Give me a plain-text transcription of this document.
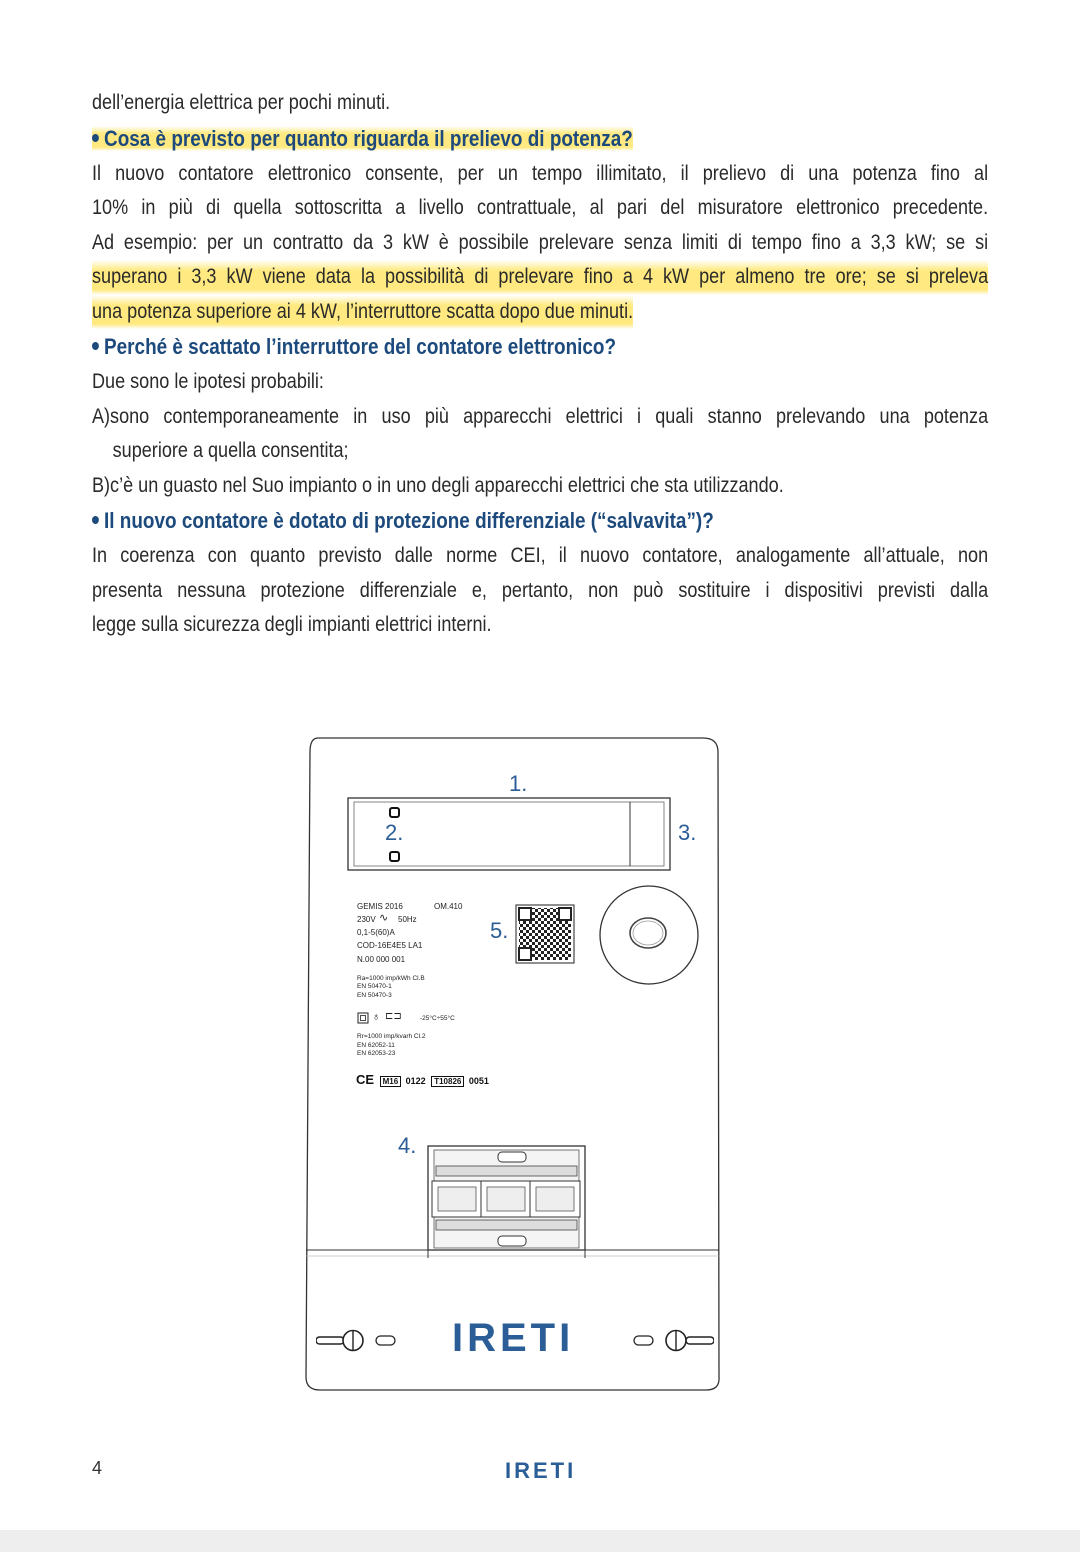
dell’energia elettrica per pochi minuti.

Cosa è previsto per quanto riguarda il prelievo di potenza?

Il nuovo contatore elettronico consente, per un tempo illimitato, il prelievo di una potenza fino al
10% in più di quella sottoscritta a livello contrattuale, al pari del misuratore elettronico precedente.
Ad esempio: per un contratto da 3 kW è possibile prelevare senza limiti di tempo fino a 3,3 kW; se si
superano i 3,3 kW viene data la possibilità di prelevare fino a 4 kW per almeno tre ore; se si preleva
una potenza superiore ai 4 kW, l’interruttore scatta dopo due minuti.

Perché è scattato l’interruttore del contatore elettronico?

Due sono le ipotesi probabili:
A)sono contemporaneamente in uso più apparecchi elettrici i quali stanno prelevando una potenza
superiore a quella consentita;
B)c’è un guasto nel Suo impianto o in uno degli apparecchi elettrici che sta utilizzando.

Il nuovo contatore è dotato di protezione differenziale (“salvavita”)?

In coerenza con quanto previsto dalle norme CEI, il nuovo contatore, analogamente all’attuale, non
presenta nessuna protezione differenziale e, pertanto, non può sostituire i dispositivi previsti dalla
legge sulla sicurezza degli impianti elettrici interni.

1.
2.	3.
4.
5.
GEMIS 2016	OM.410
230V ∿ 50Hz
0,1-5(60)A
COD-16E4E5 LA1
N.00 000 001
Ra=1000 imp/kWh Cl.B
EN 50470-1
EN 50470-3
♁ ⊏⊐	-25°C÷55°C
Rr=1000 imp/kvarh Cl.2
EN 62052-11
EN 62053-23
CE M16 0122 T10826 0051
IRETI
4	IRETI
